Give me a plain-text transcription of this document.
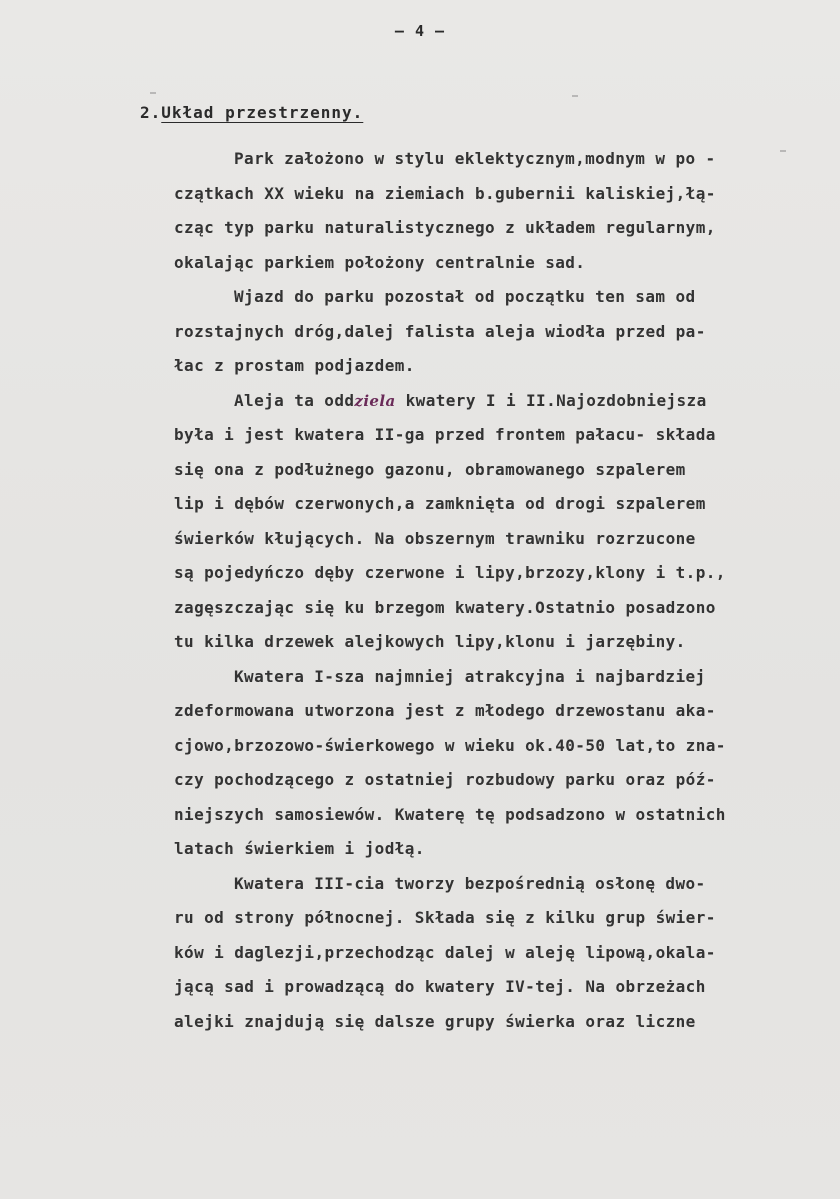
— 4 —
2.Układ przestrzenny.
Park założono w stylu eklektycznym,modnym w po -
czątkach XX wieku na ziemiach b.gubernii kaliskiej,łą-
cząc typ parku naturalistycznego z układem regularnym,
okalając parkiem położony centralnie sad.
Wjazd do parku pozostał od początku ten sam od
rozstajnych dróg,dalej falista aleja wiodła przed pa-
łac z prostam podjazdem.
Aleja ta oddziela kwatery I i II.Najozdobniejsza
była i jest kwatera II-ga przed frontem pałacu- składa
się ona z podłużnego gazonu, obramowanego szpalerem
lip i dębów czerwonych,a zamknięta od drogi szpalerem
świerków kłujących. Na obszernym trawniku rozrzucone
są pojedyńczo dęby czerwone i lipy,brzozy,klony i t.p.,
zagęszczając się ku brzegom kwatery.Ostatnio posadzono
tu kilka drzewek alejkowych lipy,klonu i jarzębiny.
Kwatera I-sza najmniej atrakcyjna i najbardziej
zdeformowana utworzona jest z młodego drzewostanu aka-
cjowo,brzozowo-świerkowego w wieku ok.40-50 lat,to zna-
czy pochodzącego z ostatniej rozbudowy parku oraz póź-
niejszych samosiewów. Kwaterę tę podsadzono w ostatnich
latach świerkiem i jodłą.
Kwatera III-cia tworzy bezpośrednią osłonę dwo-
ru od strony północnej. Składa się z kilku grup świer-
ków i daglezji,przechodząc dalej w aleję lipową,okala-
jącą sad i prowadzącą do kwatery IV-tej. Na obrzeżach
alejki znajdują się dalsze grupy świerka oraz liczne
